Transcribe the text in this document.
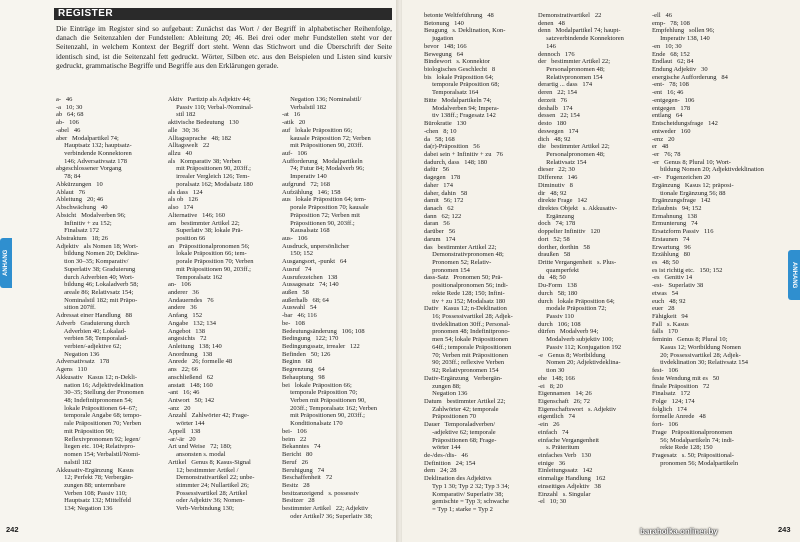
REGISTER
Die Einträge im Register sind so aufgebaut: Zunächst das Wort / der Begriff in alphabetischer Reihenfolge, danach die Seitenzahlen der Fundstellen: Ableitung 20; 46. Bei drei oder mehr Fundstellen steht vor der Seitenzahl, in welchem Kontext der Begriff dort steht. Wenn das Stichwort und die Überschrift der Seite identisch sind, ist die Seitenzahl fett gedruckt. Wörter, Silben etc. aus den Beispielen und Listen sind kursiv gedruckt, grammatische Begriffe und Begriffe aus den Erklärungen gerade.
a-   46
-a   10; 30
ab   64; 68
ab-   106
-abel   46
aber   Modalpartikel 74;
Hauptsatz 132; hauptsatz-
verbindende Konnektoren
146; Adversativsatz 178
abgeschlossener Vorgang
78; 84
Abkürzungen   10
Ablaut   76
Ableitung   20; 46
Abschwächung   40
Absicht   Modalverben 96;
Infinitiv + zu 152;
Finalsatz 172
Abstraktum   18; 26
Adjektiv   als Nomen 18; Wort-
bildung Nomen 20; Deklina-
tion 30–35; Komparativ/
Superlativ 38; Graduierung
durch Adverbien 40; Wort-
bildung 46; Lokaladverb 58;
areale 86; Relativsatz 154;
Nominalstil 182; mit Präpo-
sition 207ff.
Adressat einer Handlung   88
Adverb   Graduierung durch
Adverbien 40; Lokalad-
verbien 58; Temporalad-
verbien/-adjektive 62;
Negation 136
Adversativsatz   178
Agens   110
Akkusativ   Kasus 12; n-Dekli-
nation 16; Adjektivdeklination
30–35; Stellung der Pronomen
48; Indefinitpronomen 54;
lokale Präpositionen 64–67;
temporale Angabe 68; tempo-
rale Präpositionen 70; Verben
mit Präposition 90;
Reflexivpronomen 92; legen/
liegen etc. 104; Relativpro-
nomen 154; Verbalstil/Nomi-
nalstil 182
Akkusativ-Ergänzung   Kasus
12; Perfekt 78; Verbergän-
zungen 88; unternnbare
Verben 108; Passiv 110;
Hauptsatz 132; Mittelfeld
134; Negation 136
Aktiv   Partizip als Adjektiv 44;
Passiv 110; Verbal-/Nominal-
stil 182
aktivische Bedeutung   130
alle   30; 36
Alltagssprache   48; 182
Alltagswelt   22
allzu   40
als   Komparativ 38; Verben
mit Präpositionen 90, 203ff.;
irrealer Vergleich 126; Tem-
poralsatz 162; Modalsatz 180
als dass   124
als ob   126
also   174
Alternative   146; 160
am   bestimmter Artikel 22;
Superlativ 38; lokale Prä-
position 66
an   Präpositionalpronomen 56;
lokale Präposition 66; tem-
porale Präposition 70; Verben
mit Präpositionen 90, 203ff.;
Temporalsatz 162
an-   106
anderer   36
Andauerndes   76
andere   36
Anfang   152
Angabe   132; 134
Angebot   138
angesichts   72
Anleitung   138; 140
Anordnung   138
Anrede   26; formelle 48
ans   22; 66
anschließend   62
anstatt   148; 160
-ant   16; 46
Antwort   50; 142
-anz   20
Anzahl   Zahlwörter 42; Frage-
wörter 144
Appell   138
-ar/-är   20
Art und Weise   72; 180;
ansonsten s. modal
Artikel   Genus 8; Kasus-Signal
12; bestimmter Artikel /
Demonstrativartikel 22; unbe-
stimmter 24; Nullartikel 26;
Possessivartikel 28; Artikel
oder Adjektiv 36; Nomen-
Verb-Verbindung 130;
Negation 136; Nominalstil/
Verbalstil 182
-at   16
-atik   20
auf   lokale Präposition 66;
kausale Präposition 72; Verben
mit Präpositionen 90, 203ff.
auf-   106
Aufforderung   Modalpartikeln
74; Futur 84; Modalverb 96;
Imperativ 140
aufgrund   72; 168
Aufzählung   146; 158
aus   lokale Präposition 64; tem-
porale Präposition 70; kausale
Präposition 72; Verben mit
Präpositionen 90, 203ff.;
Kausalsatz 168
aus-   106
Ausdruck, unpersönlicher
150; 152
Ausgangsort, -punkt   64
Ausruf   74
Ausrufezeichen   138
Aussagesatz   74; 140
außen   58
außerhalb   68; 64
Auswahl   54
-bar   46; 116
be-   108
Bedeutungsänderung   106; 108
Bedingung   122; 170
Bedingungssatz, irrealer   122
Befinden   50; 126
Beginn   68
Begrenzung   64
Behauptung   98
bei   lokale Präposition 66;
temporale Präposition 70;
Verben mit Präpositionen 90,
203ff.; Temporalsatz 162; Verben
mit Präpositionen 90, 203ff.;
Konditionalsatz 170
bei-   106
beim   22
Bekanntes   74
Bericht   80
Beruf   26
Beruhigung   74
Beschaffenheit   72
Besitz   28
besitzanzeigend   s. possessiv
Besitzer   28
bestimmter Artikel   22; Adjektiv
oder Artikel? 36; Superlativ 38;
betonte Weltfeführung   48
Betonung   140
Beugung   s. Deklination, Kon-
jugation
bevor   148; 166
Bewegung   64
Bindewort   s. Konnektor
biologisches Geschlecht   8
bis   lokale Präposition 64;
temporale Präposition 68;
Temporalsatz 164
Bitte   Modalpartikeln 74;
Modalverben 94; Impera-
tiv 138ff.; Fragesatz 142
Bürokratie   130
-chen   8; 10
da   58; 168
da(r)-Präposition   56
dabei sein + Infinitiv + zu   76
dadurch, dass   148; 180
dafür   56
dagegen   178
daher   174
daher, dahin   58
damit   56; 172
danach   62
dann   62; 122
daran   56
darüber   56
darum   174
das   bestimmter Artikel 22;
Demonstrativpronomen 48;
Pronomen 52; Relativ-
pronomen 154
dass-Satz   Pronomen 50; Prä-
positionalpronomen 56; indi-
rekte Rede 128; 150; Infini-
tiv + zu 152; Modalsatz 180
Dativ   Kasus 12; n-Deklination
16; Possessivartikel 28; Adjek-
tivdeklination 30ff.; Personal-
pronomen 48; Indefinitprono-
men 54; lokale Präpositionen
64ff.; temporale Präpositionen
70; Verben mit Präpositionen
90; 203ff.; reflexive Verben
92; Relativpronomen 154
Dativ-Ergänzung   Verbergän-
zungen 88;
Negation 136
Datum   bestimmter Artikel 22;
Zahlwörter 42; temporale
Präpositionen 70
Dauer   Temporaladverben/
-adjektive 62; temporale
Präpositionen 68; Frage-
wörter 144
de-/des-/dis-   46
Definition   24; 154
dem   24; 28
Deklination des Adjektivs
Typ 1 30; Typ 2 32; Typ 3 34;
Komparativ/ Superlativ 38;
gemischte = Typ 3; schwache
= Typ 1; starke = Typ 2
Demonstrativartikel   22
denen   48
denn   Modalpartikel 74; haupt-
satzverbindende Konnektoren
146
dennoch   176
der   bestimmter Artikel 22;
Personalpronomen 48;
Relativpronomen 154
derartig ... dass   174
deren   22; 154
derzeit   76
deshalb   174
dessen   22; 154
desto   180
deswegen   174
dich   48; 92
die   bestimmter Artikel 22;
Personalpronomen 48;
Relativsatz 154
dieser   22; 30
Differenz   146
Diminutiv   8
dir   48; 92
direkte Frage   142
direktes Objekt   s. Akkusativ-
Ergänzung
doch   74; 178
doppelter Infinitiv   120
dort   52; 58
dorther, dorthin   58
draußen   58
Dritte Vergangenheit   s. Plus-
quamperfekt
du   48; 50
Du-Form   138
durch   58; 180
durch   lokale Präposition 64;
modale Präposition 72;
Passiv 110
durch   106; 108
dürfen   Modalverb 94;
Modalverb subjektiv 100;
Passiv 112; Konjugation 192
-e   Genus 8; Wortbildung
Nomen 20; Adjektivdeklina-
tion 30
ehe   148; 166
-ei   8; 20
Eigennamen   14; 26
Eigenschaft   26; 72
Eigenschaftswort   s. Adjektiv
eigentlich   74
-ein   26
einfach   74
einfache Vergangenheit
s. Präteritum
einfaches Verb   130
einige   36
Einleitungssatz   142
einmalige Handlung   162
einseitiges Adjektiv   38
Einzahl   s. Singular
-el   10; 30
-ell   46
emp-   78; 108
Empfehlung   sollen 96;
Imperativ 138, 140
-en   10; 30
Ende   68; 152
Endlaut   62; 84
Endung Adjektiv   30
energische Aufforderung   84
-ent-   78; 108
-ent   16; 46
-entgegen-   106
entgegen   178
entlang   64
Entscheidungsfrage   142
entweder   160
-enz   20
er   48
-er   76; 78
-er   Genus 8; Plural 10; Wort-
bildung Nomen 20; Adjektivdeklination
-er-   Fugenzeichen 20
Ergänzung   Kasus 12; präposi-
tionale Ergänzung 56; 88
Ergänzungsfrage   142
Erlaubnis   94; 152
Ermahnung   138
Ermunterung   74
Ersatzform Passiv   116
Erstaunen   74
Erwartung   96
Erzählung   80
es   48; 50
es ist richtig etc.   150; 152
-es   Genitiv 14
-est-   Superlativ 38
etwas   54
euch   48; 92
euer   28
Fähigkeit   94
Fall   s. Kasus
falls   170
feminin   Genus 8; Plural 10;
Kasus 12; Wortbildung Nomen
20; Possessivartikel 28; Adjek-
tivdeklination 30; Relativsatz 154
fest-   106
feste Wendung mit es   50
finale Präposition   72
Finalsatz   172
Folge   124; 174
folglich   174
formelle Anrede   48
fort-   106
Frage   Präpositionalpronomen
56; Modalpartikeln 74; indi-
rekte Rede 128; 150
Fragesatz   s. 50; Präpositional-
pronomen 56; Modalpartikeln
ANHANG	ANHANG
242	243
baraholka.onliner.by
